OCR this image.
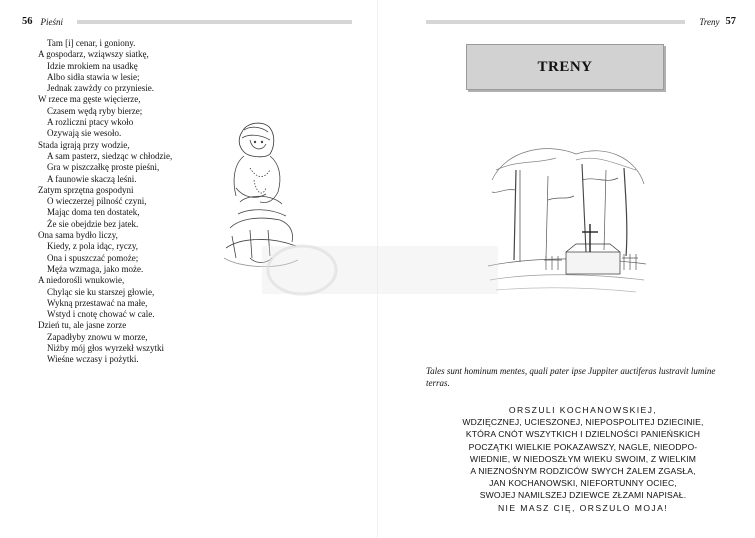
56 Pieśni
Tam [i] cenar, i goniony.
A gospodarz, wziąwszy siatkę,
Idzie mrokiem na usadkę
Albo sidła stawia w lesie;
Jednak zawżdy co przyniesie.
W rzece ma gęste więcierze,
Czasem wędą ryby bierze;
A rozliczni ptacy wkoło
Ozywają sie wesoło.
Stada igrają przy wodzie,
A sam pasterz, siedząc w chłodzie,
Gra w piszczałkę proste pieśni,
A faunowie skaczą leśni.
Zatym sprzętna gospodyni
O wieczerzej pilność czyni,
Mając doma ten dostatek,
Że sie obejdzie bez jatek.
Ona sama bydło liczy,
Kiedy, z pola idąc, ryczy,
Ona i spuszczać pomoże;
Męża wzmaga, jako może.
A niedorośli wnukowie,
Chyląc sie ku starszej głowie,
Wykną przestawać na małe,
Wstyd i cnotę chować w cale.
Dzień tu, ale jasne zorze
Zapadłyby znowu w morze,
Niżby mój głos wyrzekł wszytki
Wieśne wczasy i pożytki.
Treny 57
TRENY
Tales sunt hominum mentes, quali pater ipse Juppiter auctiferas lustravit lumine terras.
ORSZULI KOCHANOWSKIEJ,
WDZIĘCZNEJ, UCIESZONEJ, NIEPOSPOLITEJ DZIECINIE,
KTÓRA CNÓT WSZYTKICH I DZIELNOŚCI PANIEŃSKICH
POCZĄTKI WIELKIE POKAZAWSZY, NAGLE, NIEODPO-
WIEDNIE, W NIEDOSZŁYM WIEKU SWOIM, Z WIELKIM
A NIEZNOŚNYM RODZICÓW SWYCH ŻALEM ZGASŁA,
JAN KOCHANOWSKI, NIEFORTUNNY OCIEC,
SWOJEJ NAMILSZEJ DZIEWCE ZŁZAMI NAPISAŁ.
NIE MASZ CIĘ, ORSZULO MOJA!
